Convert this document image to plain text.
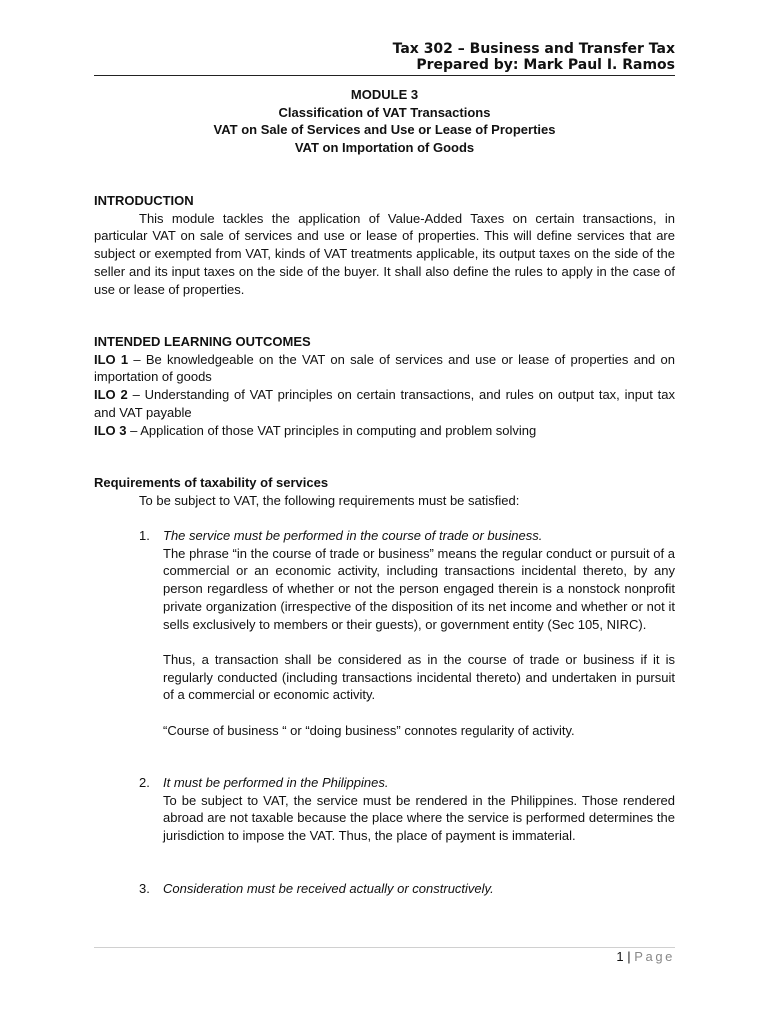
Tax 302 – Business and Transfer Tax
Prepared by: Mark Paul I. Ramos
MODULE 3
Classification of VAT Transactions
VAT on Sale of Services and Use or Lease of Properties
VAT on Importation of Goods
INTRODUCTION
This module tackles the application of Value-Added Taxes on certain transactions, in particular VAT on sale of services and use or lease of properties. This will define services that are subject or exempted from VAT, kinds of VAT treatments applicable, its output taxes on the side of the seller and its input taxes on the side of the buyer. It shall also define the rules to apply in the case of use or lease of properties.
INTENDED LEARNING OUTCOMES
ILO 1 – Be knowledgeable on the VAT on sale of services and use or lease of properties and on importation of goods
ILO 2 – Understanding of VAT principles on certain transactions, and rules on output tax, input tax and VAT payable
ILO 3 – Application of those VAT principles in computing and problem solving
Requirements of taxability of services
To be subject to VAT, the following requirements must be satisfied:
1. The service must be performed in the course of trade or business.

The phrase “in the course of trade or business” means the regular conduct or pursuit of a commercial or an economic activity, including transactions incidental thereto, by any person regardless of whether or not the person engaged therein is a nonstock nonprofit private organization (irrespective of the disposition of its net income and whether or not it sells exclusively to members or their guests), or government entity (Sec 105, NIRC).

Thus, a transaction shall be considered as in the course of trade or business if it is regularly conducted (including transactions incidental thereto) and undertaken in pursuit of a commercial or economic activity.

“Course of business “ or “doing business” connotes regularity of activity.

2. It must be performed in the Philippines.

To be subject to VAT, the service must be rendered in the Philippines. Those rendered abroad are not taxable because the place where the service is performed determines the jurisdiction to impose the VAT. Thus, the place of payment is immaterial.

3. Consideration must be received actually or constructively.

1 | Page
